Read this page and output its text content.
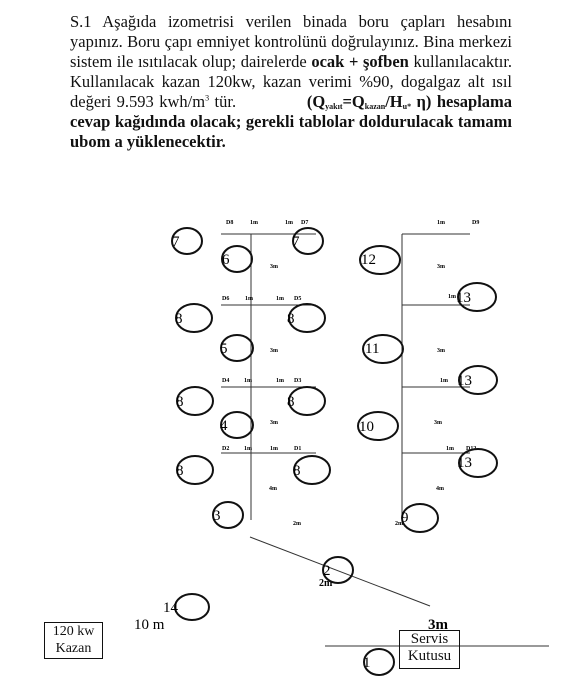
S.1 Aşağıda izometrisi verilen binada boru çapları hesabını yapınız. Boru çapı emniyet kontrolünü doğrulayınız. Bina merkezi sistem ile ısıtılacak olup; dairelerde ocak + şofben kullanılacaktır. Kullanılacak kazan 120kw, kazan verimi %90, dogalgaz alt ısıl değeri 9.593 kwh/$m^3$ tür.	($Q_{yakıt}=Q_{kazan}/H_{u*}$ η) hesaplama cevap kağıdında olacak; gerekli tablolar doldurulacak tamamı ubom a yüklenecektir.
D8	1m	1m D7
D6	1m	1m D5
D4 1m	1m D3
D2 1m	1m	D1
3m
3m
3m
4m
1m	D9
1m
1m
1m D12
3m
3m
3m
4m
2m	2m
2m
7	7
6
8	8
5
8	8
4
8	8
3
12
13
11
13
10
13
9
2
14
1
10 m	3m
120 kw
Kazan
Servis
Kutusu
